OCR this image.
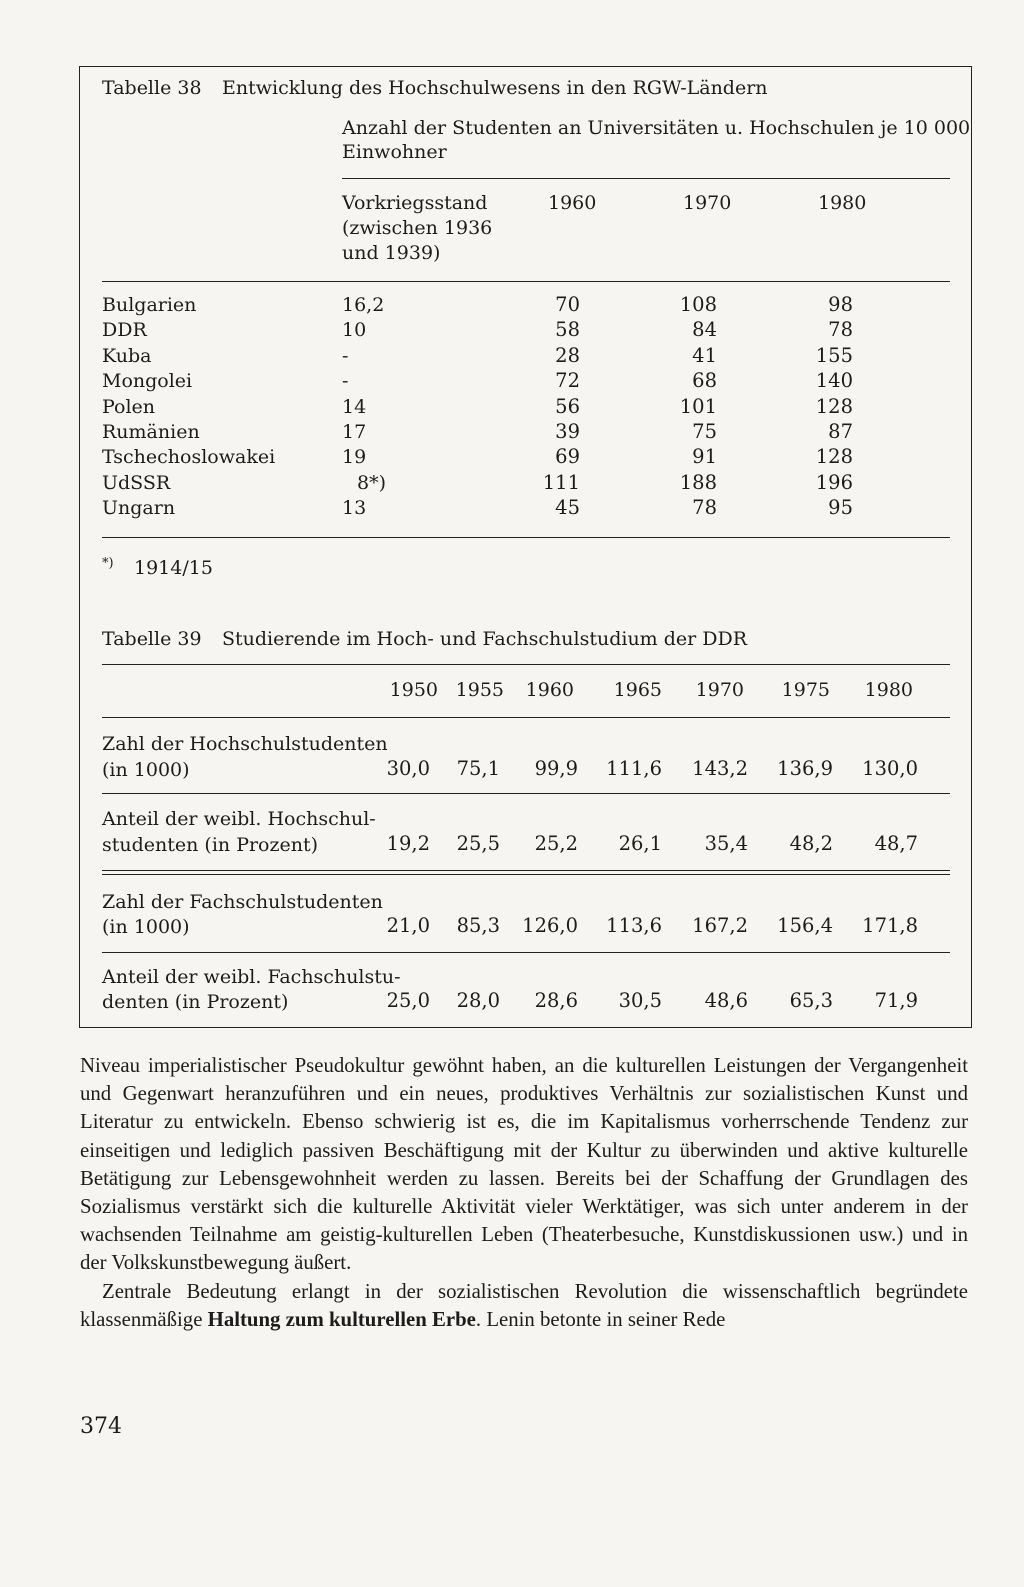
Tabelle 38 Entwicklung des Hochschulwesens in den RGW-Ländern
Anzahl der Studenten an Universitäten u. Hochschulen je 10 000
Einwohner
Vorkriegsstand
(zwischen 1936
und 1939)
1960	1970	1980
Bulgarien	16,2	70	108	98
DDR	10	58	84	78
Kuba	-	28	41	155
Mongolei	-	72	68	140
Polen	14	56	101	128
Rumänien	17	39	75	87
Tschechoslowakei	19	69	91	128
UdSSR	8*)	111	188	196
Ungarn	13	45	78	95
*) 1914/15
Tabelle 39 Studierende im Hoch- und Fachschulstudium der DDR
1950 1955	1960	1965	1970	1975	1980
Zahl der Hochschulstudenten
(in 1000)	30,0	75,1	99,9 111,6 143,2 136,9 130,0
Anteil der weibl. Hochschul-
studenten (in Prozent)	19,2	25,5	25,2	26,1	35,4	48,2	48,7
Zahl der Fachschulstudenten
(in 1000)	21,0	85,3 126,0 113,6 167,2 156,4 171,8
Anteil der weibl. Fachschulstu-
denten (in Prozent)	25,0	28,0	28,6	30,5	48,6	65,3	71,9

Niveau imperialistischer Pseudokultur gewöhnt haben, an die kulturellen Leistungen der Vergangenheit und Gegenwart heranzuführen und ein neues, produktives Verhältnis zur sozialistischen Kunst und Literatur zu entwickeln. Ebenso schwierig ist es, die im Kapitalismus vorherrschende Tendenz zur einseitigen und lediglich passiven Beschäftigung mit der Kultur zu überwinden und aktive kulturelle Betätigung zur Lebensgewohnheit werden zu lassen. Bereits bei der Schaffung der Grundlagen des Sozialismus verstärkt sich die kulturelle Aktivität vieler Werktätiger, was sich unter anderem in der wachsenden Teilnahme am geistig-kulturellen Leben (Theaterbesuche, Kunstdiskussionen usw.) und in der Volkskunstbewegung äußert.

Zentrale Bedeutung erlangt in der sozialistischen Revolution die wissenschaftlich begründete klassenmäßige Haltung zum kulturellen Erbe. Lenin betonte in seiner Rede

374
